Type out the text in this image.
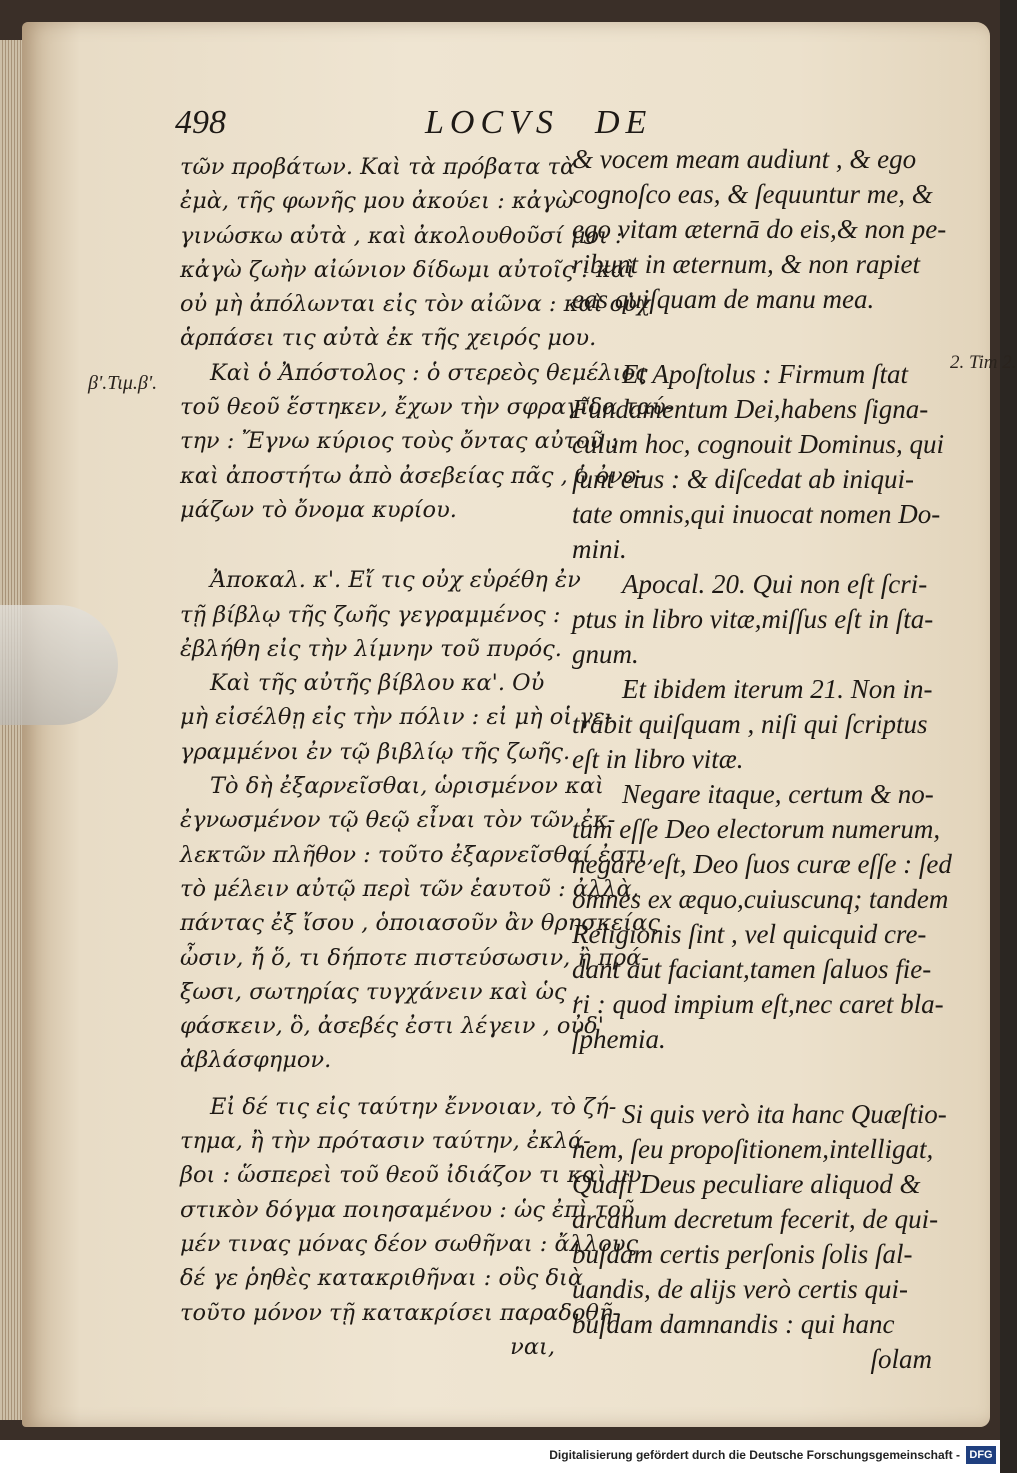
498	LOCVS DE
β'.Τιμ.β'.
2. Tim 2.
τῶν προβάτων. Καὶ τὰ πρόβατα τὰ
ἐμὰ, τῆς φωνῆς μου ἀκούει : κἀγὼ
γινώσκω αὐτὰ , καὶ ἀκολουθοῦσί μοι :
κἀγὼ ζωὴν αἰώνιον δίδωμι αὐτοῖς : καὶ
οὐ μὴ ἀπόλωνται εἰς τὸν αἰῶνα : καὶ οὐχ
ἁρπάσει τις αὐτὰ ἐκ τῆς χειρός μου.
Καὶ ὁ Ἀπόστολος : ὁ στερεὸς θεμέλιος
τοῦ θεοῦ ἕστηκεν, ἔχων τὴν σφραγῖδα ταύ-
την : Ἔγνω κύριος τοὺς ὄντας αὐτοῦ :
καὶ ἀποστήτω ἀπὸ ἀσεβείας πᾶς , ὁ ὀνο-
μάζων τὸ ὄνομα κυρίου.
Ἀποκαλ. κ'. Εἴ τις οὐχ εὑρέθη ἐν
τῇ βίβλῳ τῆς ζωῆς γεγραμμένος :
ἐβλήθη εἰς τὴν λίμνην τοῦ πυρός.
Καὶ τῆς αὐτῆς βίβλου κα'. Οὐ
μὴ εἰσέλθῃ εἰς τὴν πόλιν : εἰ μὴ οἱ γε-
γραμμένοι ἐν τῷ βιβλίῳ τῆς ζωῆς.
Τὸ δὴ ἐξαρνεῖσθαι, ὡρισμένον καὶ
ἐγνωσμένον τῷ θεῷ εἶναι τὸν τῶν ἐκ-
λεκτῶν πλῆθον : τοῦτο ἐξαρνεῖσθαί ἐστι,
τὸ μέλειν αὐτῷ περὶ τῶν ἑαυτοῦ : ἀλλὰ,
πάντας ἐξ ἴσου , ὁποιασοῦν ἂν θρησκείας
ὦσιν, ἤ ὅ, τι δήποτε πιστεύσωσιν, ἢ πρά-
ξωσι, σωτηρίας τυγχάνειν καὶ ὡς ,
φάσκειν, ὃ, ἀσεβές ἐστι λέγειν , οὐδ'
ἀβλάσφημον.
Εἰ δέ τις εἰς ταύτην ἔννοιαν, τὸ ζή-
τημα, ἢ τὴν πρότασιν ταύτην, ἐκλά-
βοι : ὥσπερεὶ τοῦ θεοῦ ἰδιάζον τι καὶ μυ-
στικὸν δόγμα ποιησαμένου : ὡς ἐπὶ τοῦ
μέν τινας μόνας δέον σωθῆναι : ἄλλους
δέ γε ῥηθὲς κατακριθῆναι : οὓς διὰ
τοῦτο μόνον τῇ κατακρίσει παραδοθῆ-
ναι,
& vocem meam audiunt , & ego
cognoſco eas, & ſequuntur me, &
ego vitam æternā do eis,& non pe-
ribunt in æternum, & non rapiet
eas quiſquam de manu mea.
Et Apoſtolus : Firmum ſtat
Fundamentum Dei,habens ſigna-
culum hoc, cognouit Dominus, qui
ſunt eius : & diſcedat ab iniqui-
tate omnis,qui inuocat nomen Do-
mini.
Apocal. 20. Qui non eſt ſcri-
ptus in libro vitæ,miſſus eſt in ſta-
gnum.
Et ibidem iterum 21. Non in-
trabit quiſquam , niſi qui ſcriptus
eſt in libro vitæ.
Negare itaque, certum & no-
tum eſſe Deo electorum numerum,
negare eſt, Deo ſuos curæ eſſe : ſed
omnes ex æquo,cuiuscunq; tandem
Religionis ſint , vel quicquid cre-
dant aut faciant,tamen ſaluos fie-
ri : quod impium eſt,nec caret bla-
ſphemia.
Si quis verò ita hanc Quæſtio-
nem, ſeu propoſitionem,intelligat,
Quaſi Deus peculiare aliquod &
arcanum decretum fecerit, de qui-
buſdam certis perſonis ſolis ſal-
uandis, de alijs verò certis qui-
buſdam damnandis : qui hanc
ſolam
Digitalisierung gefördert durch die Deutsche Forschungsgemeinschaft - DFG
